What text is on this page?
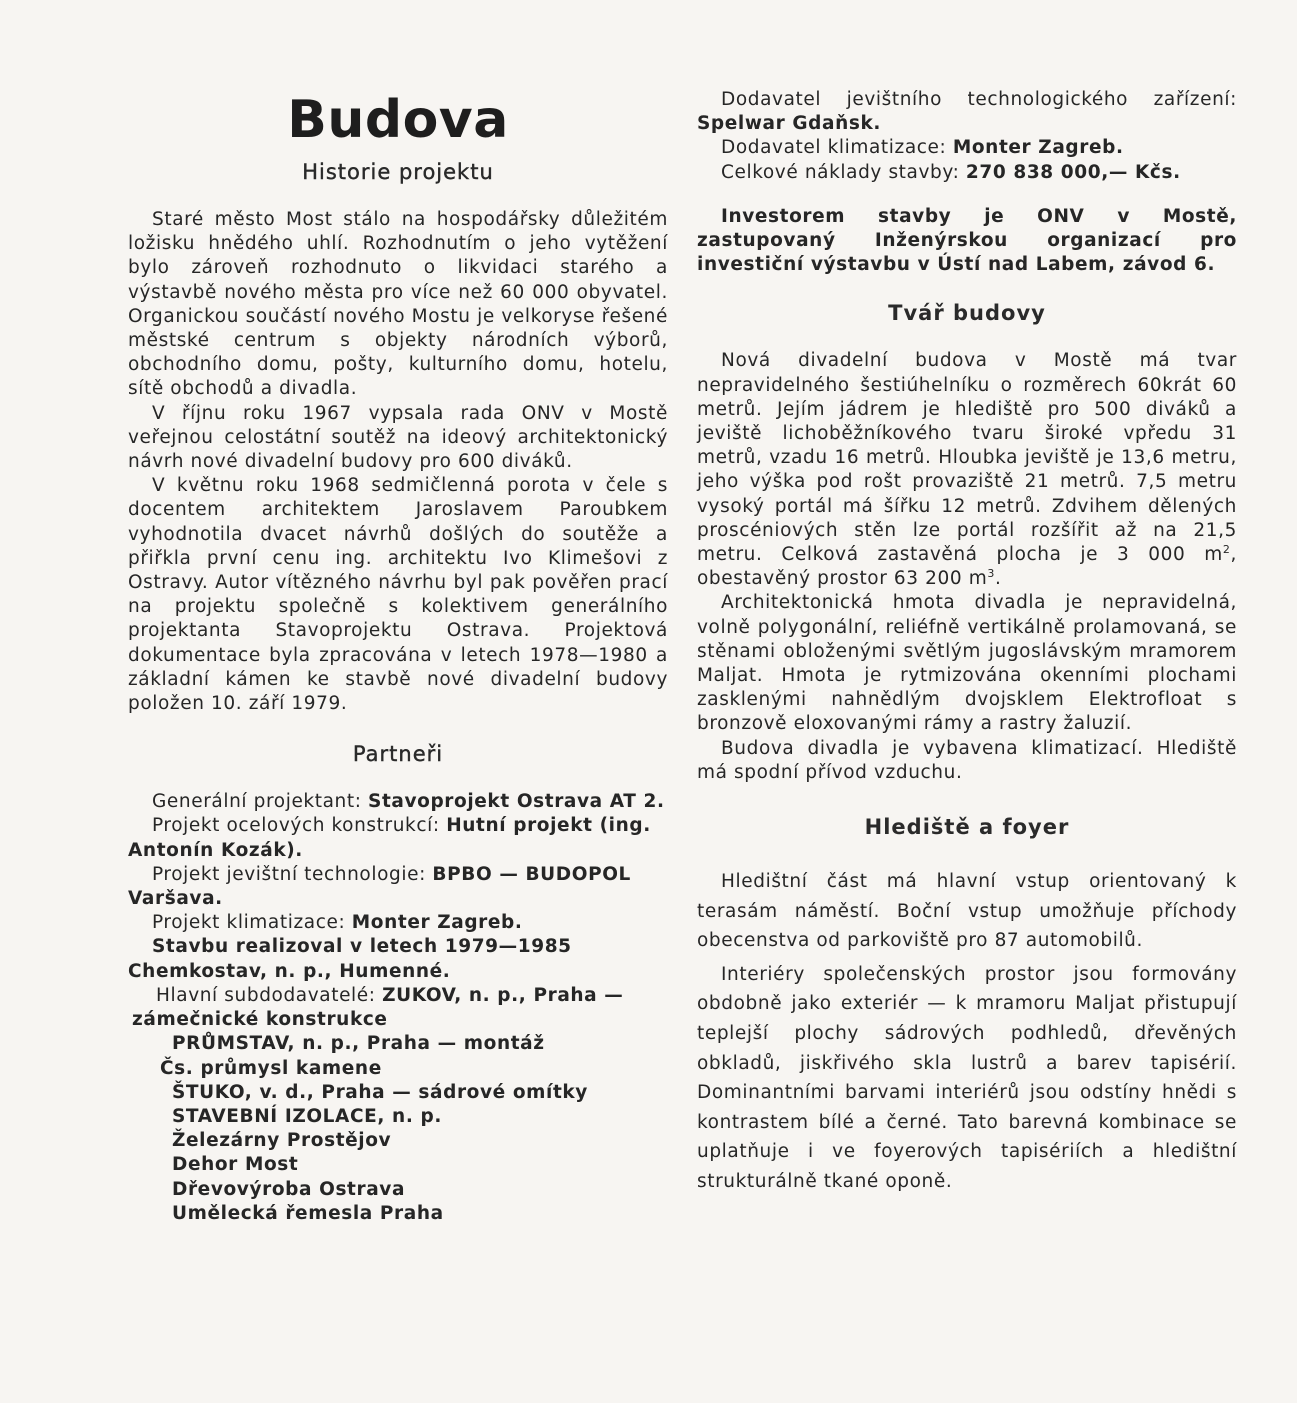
Budova
Historie projektu

Staré město Most stálo na hospodářsky důležitém ložisku hnědého uhlí. Rozhodnutím o jeho vytěžení bylo zároveň rozhodnuto o likvidaci starého a výstavbě nového města pro více než 60 000 obyvatel. Organickou součástí nového Mostu je velkoryse řešené městské centrum s objekty národních výborů, obchodního domu, pošty, kulturního domu, hotelu, sítě obchodů a divadla.

V říjnu roku 1967 vypsala rada ONV v Mostě veřejnou celostátní soutěž na ideový architektonický návrh nové divadelní budovy pro 600 diváků.

V květnu roku 1968 sedmičlenná porota v čele s docentem architektem Jaroslavem Paroubkem vyhodnotila dvacet návrhů došlých do soutěže a přiřkla první cenu ing. architektu Ivo Klimešovi z Ostravy. Autor vítězného návrhu byl pak pověřen prací na projektu společně s kolektivem generálního projektanta Stavoprojektu Ostrava. Projektová dokumentace byla zpracována v letech 1978—1980 a základní kámen ke stavbě nové divadelní budovy položen 10. září 1979.

Partneři

Generální projektant: Stavoprojekt Ostrava AT 2.

Projekt ocelových konstrukcí: Hutní projekt (ing. Antonín Kozák).

Projekt jevištní technologie: BPBO — BUDOPOL Varšava.

Projekt klimatizace: Monter Zagreb.

Stavbu realizoval v letech 1979—1985 Chemkostav, n. p., Humenné.

Hlavní subdodavatelé: ZUKOV, n. p., Praha — zámečnické konstrukce

PRŮMSTAV, n. p., Praha — montáž

Čs. průmysl kamene

ŠTUKO, v. d., Praha — sádrové omítky

STAVEBNÍ IZOLACE, n. p.

Železárny Prostějov

Dehor Most

Dřevovýroba Ostrava

Umělecká řemesla Praha

Dodavatel jevištního technologického zařízení: Spelwar Gdaňsk.

Dodavatel klimatizace: Monter Zagreb.

Celkové náklady stavby: 270 838 000,— Kčs.

Investorem stavby je ONV v Mostě, zastupovaný Inženýrskou organizací pro investiční výstavbu v Ústí nad Labem, závod 6.

Tvář budovy

Nová divadelní budova v Mostě má tvar nepravidelného šestiúhelníku o rozměrech 60krát 60 metrů. Jejím jádrem je hlediště pro 500 diváků a jeviště lichoběžníkového tvaru široké vpředu 31 metrů, vzadu 16 metrů. Hloubka jeviště je 13,6 metru, jeho výška pod rošt provaziště 21 metrů. 7,5 metru vysoký portál má šířku 12 metrů. Zdvihem dělených proscéniových stěn lze portál rozšířit až na 21,5 metru. Celková zastavěná plocha je 3 000 $m^2$, obestavěný prostor 63 200 $m^3$.

Architektonická hmota divadla je nepravidelná, volně polygonální, reliéfně vertikálně prolamovaná, se stěnami obloženými světlým jugoslávským mramorem Maljat. Hmota je rytmizována okenními plochami zasklenými nahnědlým dvojsklem Elektrofloat s bronzově eloxovanými rámy a rastry žaluzií.

Budova divadla je vybavena klimatizací. Hlediště má spodní přívod vzduchu.

Hlediště a foyer

Hledištní část má hlavní vstup orientovaný k terasám náměstí. Boční vstup umožňuje příchody obecenstva od parkoviště pro 87 automobilů.

Interiéry společenských prostor jsou formovány obdobně jako exteriér — k mramoru Maljat přistupují teplejší plochy sádrových podhledů, dřevěných obkladů, jiskřivého skla lustrů a barev tapisérií. Dominantními barvami interiérů jsou odstíny hnědi s kontrastem bílé a černé. Tato barevná kombinace se uplatňuje i ve foyerových tapisériích a hledištní strukturálně tkané oponě.
